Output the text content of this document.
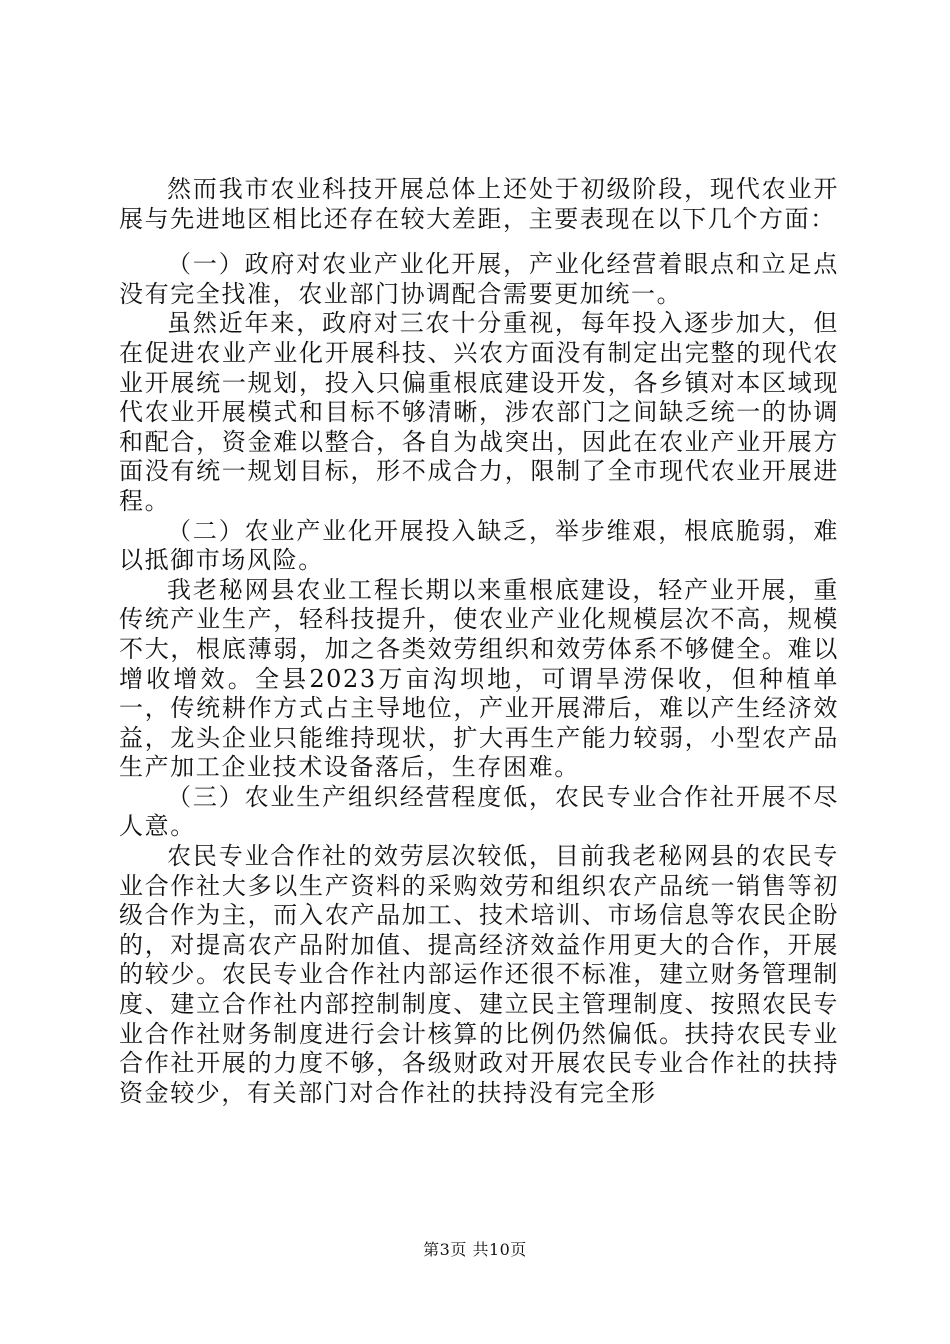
然而我市农业科技开展总体上还处于初级阶段，现代农业开展与先进地区相比还存在较大差距，主要表现在以下几个方面：

（一）政府对农业产业化开展，产业化经营着眼点和立足点没有完全找准，农业部门协调配合需要更加统一。

虽然近年来，政府对三农十分重视，每年投入逐步加大，但在促进农业产业化开展科技、兴农方面没有制定出完整的现代农业开展统一规划，投入只偏重根底建设开发，各乡镇对本区域现代农业开展模式和目标不够清晰，涉农部门之间缺乏统一的协调和配合，资金难以整合，各自为战突出，因此在农业产业开展方面没有统一规划目标，形不成合力，限制了全市现代农业开展进程。

（二）农业产业化开展投入缺乏，举步维艰，根底脆弱，难以抵御市场风险。

我老秘网县农业工程长期以来重根底建设，轻产业开展，重传统产业生产，轻科技提升，使农业产业化规模层次不高，规模不大，根底薄弱，加之各类效劳组织和效劳体系不够健全。难以增收增效。全县2023万亩沟坝地，可谓旱涝保收，但种植单一，传统耕作方式占主导地位，产业开展滞后，难以产生经济效益，龙头企业只能维持现状，扩大再生产能力较弱，小型农产品生产加工企业技术设备落后，生存困难。

（三）农业生产组织经营程度低，农民专业合作社开展不尽人意。

农民专业合作社的效劳层次较低，目前我老秘网县的农民专业合作社大多以生产资料的采购效劳和组织农产品统一销售等初级合作为主，而入农产品加工、技术培训、市场信息等农民企盼的，对提高农产品附加值、提高经济效益作用更大的合作，开展的较少。农民专业合作社内部运作还很不标准，建立财务管理制度、建立合作社内部控制制度、建立民主管理制度、按照农民专业合作社财务制度进行会计核算的比例仍然偏低。扶持农民专业合作社开展的力度不够，各级财政对开展农民专业合作社的扶持资金较少，有关部门对合作社的扶持没有完全形

第3页 共10页
